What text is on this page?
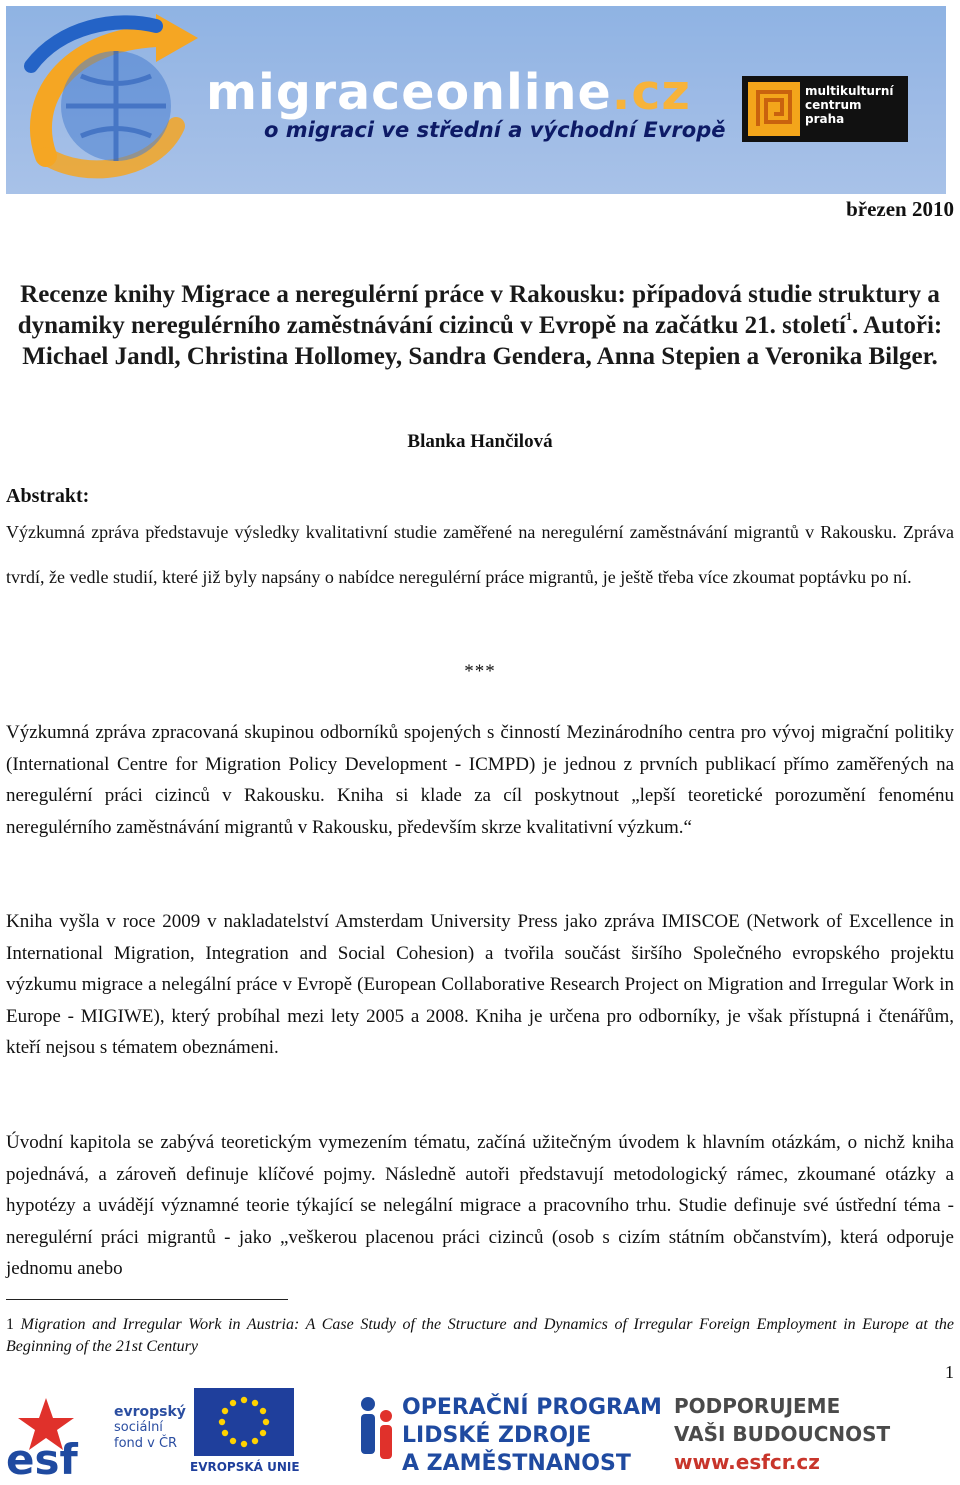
migraceonline.cz
o migraci ve střední a východní Evropě
multikulturní
centrum
praha
březen 2010
Recenze knihy Migrace a neregulérní práce v Rakousku: případová studie struktury a dynamiky neregulérního zaměstnávání cizinců v Evropě na začátku 21. století$^1$. Autoři: Michael Jandl, Christina Hollomey, Sandra Gendera, Anna Stepien a Veronika Bilger.
Blanka Hančilová
Abstrakt:
Výzkumná zpráva představuje výsledky kvalitativní studie zaměřené na neregulérní zaměstnávání migrantů v Rakousku. Zpráva tvrdí, že vedle studií, které již byly napsány o nabídce neregulérní práce migrantů, je ještě třeba více zkoumat poptávku po ní.
***
Výzkumná zpráva zpracovaná skupinou odborníků spojených s činností Mezinárodního centra pro vývoj migrační politiky (International Centre for Migration Policy Development - ICMPD) je jednou z prvních publikací přímo zaměřených na neregulérní práci cizinců v Rakousku. Kniha si klade za cíl poskytnout „lepší teoretické porozumění fenoménu neregulérního zaměstnávání migrantů v Rakousku, především skrze kvalitativní výzkum.“
Kniha vyšla v roce 2009 v nakladatelství Amsterdam University Press jako zpráva IMISCOE (Network of Excellence in International Migration, Integration and Social Cohesion) a tvořila součást širšího Společného evropského projektu výzkumu migrace a nelegální práce v Evropě (European Collaborative Research Project on Migration and Irregular Work in Europe - MIGIWE), který probíhal mezi lety 2005 a 2008. Kniha je určena pro odborníky, je však přístupná i čtenářům, kteří nejsou s tématem obeznámeni.
Úvodní kapitola se zabývá teoretickým vymezením tématu, začíná užitečným úvodem k hlavním otázkám, o nichž kniha pojednává, a zároveň definuje klíčové pojmy. Následně autoři představují metodologický rámec, zkoumané otázky a hypotézy a uvádějí významné teorie týkající se nelegální migrace a pracovního trhu. Studie definuje své ústřední téma - neregulérní práci migrantů - jako „veškerou placenou práci cizinců (osob s cizím státním občanstvím), která odporuje jednomu anebo
1 Migration and Irregular Work in Austria: A Case Study of the Structure and Dynamics of Irregular Foreign Employment in Europe at the Beginning of the 21st Century
1
esf
evropský
sociální
fond v ČR
EVROPSKÁ UNIE
OPERAČNÍ PROGRAM
LIDSKÉ ZDROJE
A ZAMĚSTNANOST
PODPORUJEME
VAŠI BUDOUCNOST
www.esfcr.cz
